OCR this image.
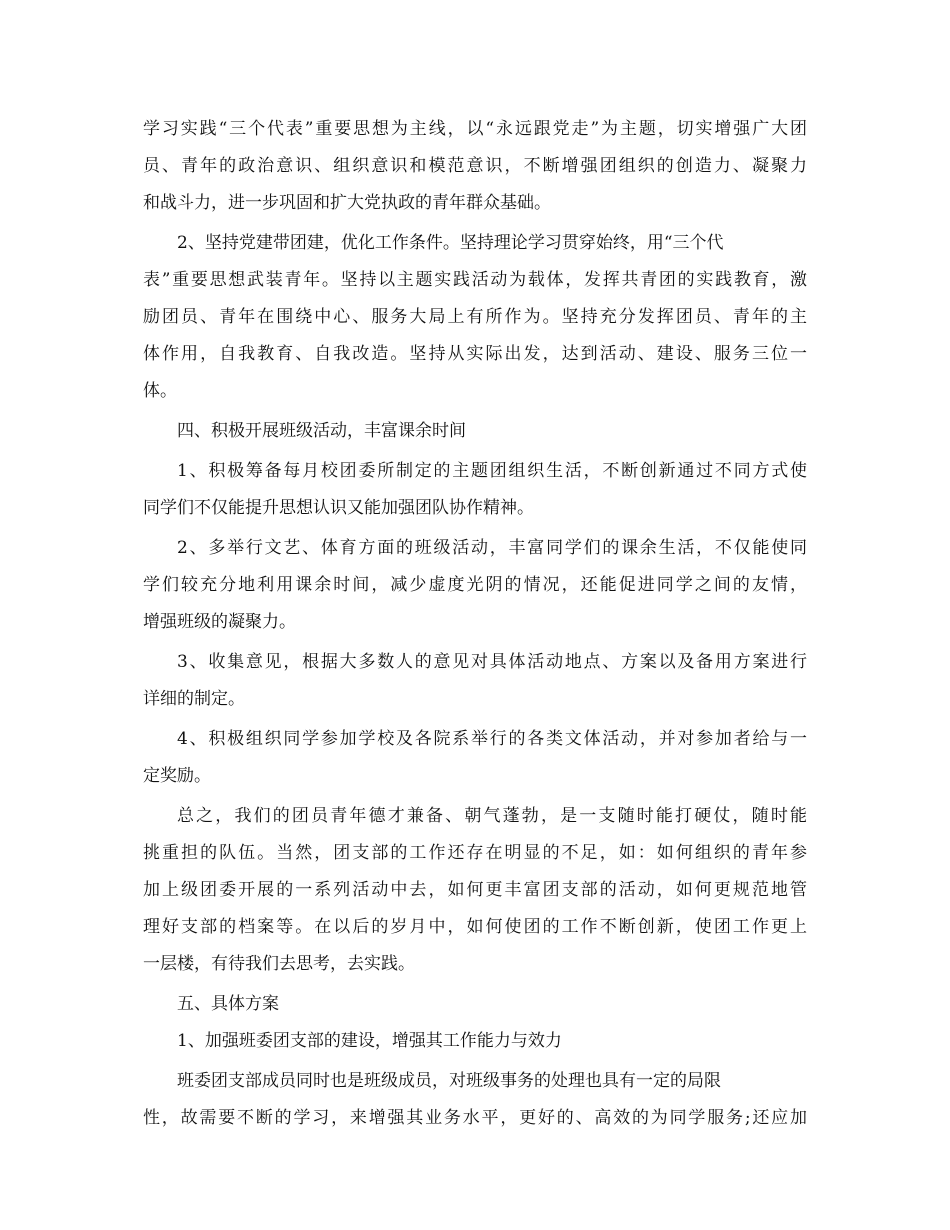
学习实践“三个代表”重要思想为主线，以“永远跟党走”为主题，切实增强广大团
员、青年的政治意识、组织意识和模范意识，不断增强团组织的创造力、凝聚力
和战斗力，进一步巩固和扩大党执政的青年群众基础。
2、坚持党建带团建，优化工作条件。坚持理论学习贯穿始终，用“三个代
表”重要思想武装青年。坚持以主题实践活动为载体，发挥共青团的实践教育，激
励团员、青年在围绕中心、服务大局上有所作为。坚持充分发挥团员、青年的主
体作用，自我教育、自我改造。坚持从实际出发，达到活动、建设、服务三位一
体。
四、积极开展班级活动，丰富课余时间
1、积极筹备每月校团委所制定的主题团组织生活，不断创新通过不同方式使
同学们不仅能提升思想认识又能加强团队协作精神。
2、多举行文艺、体育方面的班级活动，丰富同学们的课余生活，不仅能使同
学们较充分地利用课余时间，减少虚度光阴的情况，还能促进同学之间的友情，
增强班级的凝聚力。
3、收集意见，根据大多数人的意见对具体活动地点、方案以及备用方案进行
详细的制定。
4、积极组织同学参加学校及各院系举行的各类文体活动，并对参加者给与一
定奖励。
总之，我们的团员青年德才兼备、朝气蓬勃，是一支随时能打硬仗，随时能
挑重担的队伍。当然，团支部的工作还存在明显的不足，如：如何组织的青年参
加上级团委开展的一系列活动中去，如何更丰富团支部的活动，如何更规范地管
理好支部的档案等。在以后的岁月中，如何使团的工作不断创新，使团工作更上
一层楼，有待我们去思考，去实践。
五、具体方案
1、加强班委团支部的建设，增强其工作能力与效力
班委团支部成员同时也是班级成员，对班级事务的处理也具有一定的局限
性，故需要不断的学习，来增强其业务水平，更好的、高效的为同学服务;还应加
